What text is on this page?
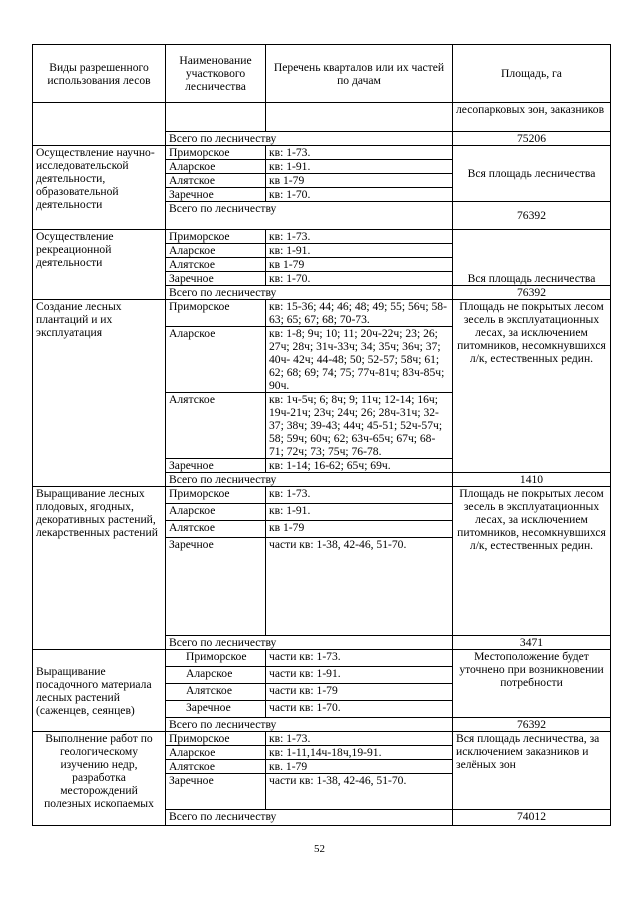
Виды разрешенного использования лесов	Наименование участкового лесничества	Перечень кварталов или их частей по дачам	Площадь, га
			лесопарковых зон, заказников
	Всего по лесничеству		75206
Осуществление научно-исследовательской деятельности, образовательной деятельности	Приморское	кв: 1-73.	Вся площадь лесничества
	Аларское	кв: 1-91.	
	Алятское	кв 1-79	
	Заречное	кв: 1-70.	
	Всего по лесничеству		76392
Осуществление рекреационной деятельности	Приморское	кв: 1-73.	Вся площадь лесничества
	Аларское	кв: 1-91.	
	Алятское	кв 1-79	
	Заречное	кв: 1-70.	
	Всего по лесничеству		76392
Создание лесных плантаций и их эксплуатация	Приморское	кв: 15-36; 44; 46; 48; 49; 55; 56ч; 58-63; 65; 67; 68; 70-73.	Площадь не покрытых лесом зесель в эксплуатационных лесах, за исключением питомников, несомкнувшихся л/к, естественных редин.
	Аларское	кв: 1-8; 9ч; 10; 11; 20ч-22ч; 23; 26; 27ч; 28ч; 31ч-33ч; 34; 35ч; 36ч; 37; 40ч- 42ч; 44-48; 50; 52-57; 58ч; 61; 62; 68; 69; 74; 75; 77ч-81ч; 83ч-85ч; 90ч.	
	Алятское	кв: 1ч-5ч; 6; 8ч; 9; 11ч; 12-14; 16ч; 19ч-21ч; 23ч; 24ч; 26; 28ч-31ч; 32-37; 38ч; 39-43; 44ч; 45-51; 52ч-57ч; 58; 59ч; 60ч; 62; 63ч-65ч; 67ч; 68-71; 72ч; 73; 75ч; 76-78.	
	Заречное	кв: 1-14; 16-62; 65ч; 69ч.	
	Всего по лесничеству		1410
Выращивание лесных плодовых, ягодных, декоративных растений, лекарственных растений	Приморское	кв: 1-73.	Площадь не покрытых лесом зесель в эксплуатационных лесах, за исключением питомников, несомкнувшихся л/к, естественных редин.
	Аларское	кв: 1-91.	
	Алятское	кв 1-79	
	Заречное	части кв: 1-38, 42-46, 51-70.	
	Всего по лесничеству		3471
Выращивание посадочного материала лесных растений (саженцев, сеянцев)	Приморское	части кв: 1-73.	Местоположение будет уточнено при возникновении потребности
	Аларское	части кв: 1-91.	
	Алятское	части кв: 1-79	
	Заречное	части кв: 1-70.	
	Всего по лесничеству		76392
Выполнение работ по геологическому изучению недр, разработка месторождений полезных ископаемых	Приморское	кв: 1-73.	Вся площадь лесничества, за исключением заказников и зелёных зон
	Аларское	кв: 1-11,14ч-18ч,19-91.	
	Алятское	кв. 1-79	
	Заречное	части кв: 1-38, 42-46, 51-70.	
	Всего по лесничеству		74012
52
